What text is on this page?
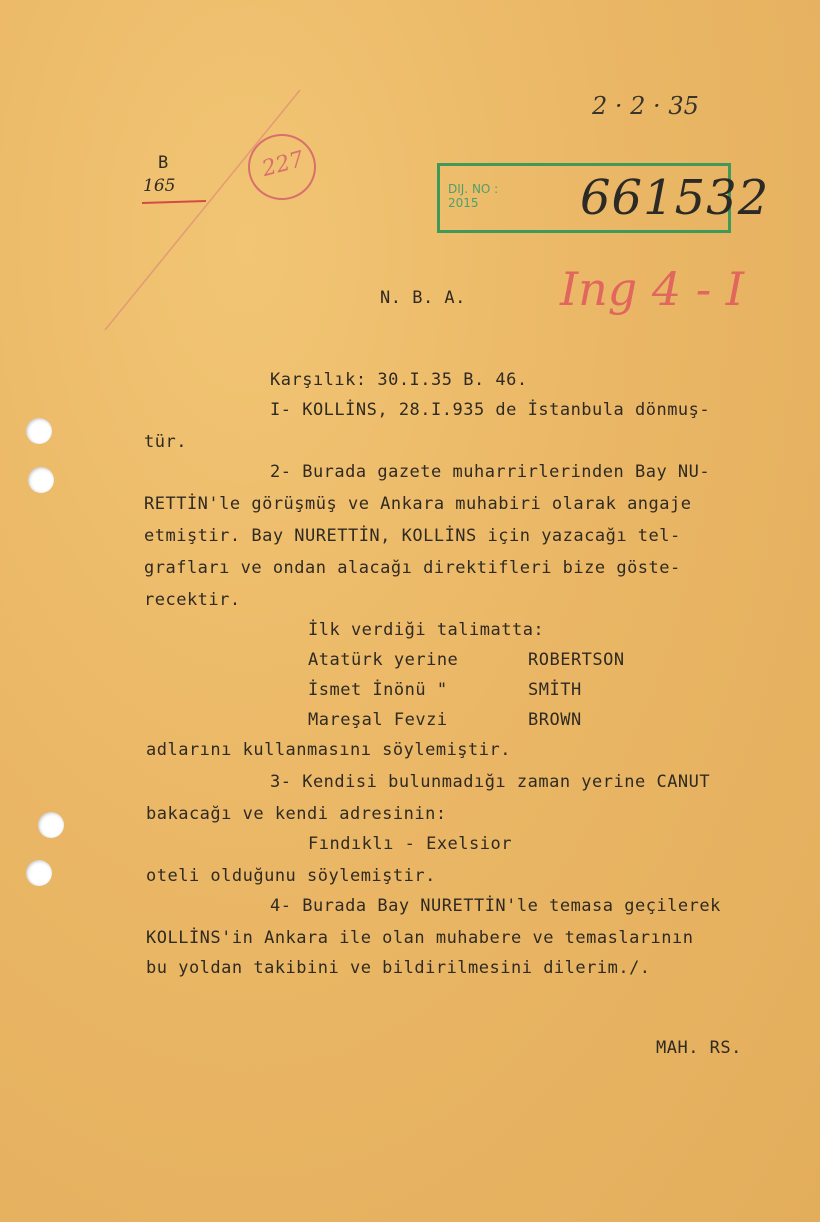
2 · 2 · 35
B
165
227
DIJ. NO :
2015	661532
N. B. A. Ing 4 - I
Karşılık: 30.I.35 B. 46.
I- KOLLİNS, 28.I.935 de İstanbula dönmuş-
tür.
2- Burada gazete muharrirlerinden Bay NU-
RETTİN'le görüşmüş ve Ankara muhabiri olarak angaje
etmiştir. Bay NURETTİN, KOLLİNS için yazacağı tel-
grafları ve ondan alacağı direktifleri bize göste-
recektir.
İlk verdiği talimatta:
Atatürk yerine	ROBERTSON
İsmet İnönü "	SMİTH
Mareşal Fevzi	BROWN
adlarını kullanmasını söylemiştir.
3- Kendisi bulunmadığı zaman yerine CANUT
bakacağı ve kendi adresinin:
Fındıklı - Exelsior
oteli olduğunu söylemiştir.
4- Burada Bay NURETTİN'le temasa geçilerek
KOLLİNS'in Ankara ile olan muhabere ve temaslarının
bu yoldan takibini ve bildirilmesini dilerim./.
MAH. RS.
